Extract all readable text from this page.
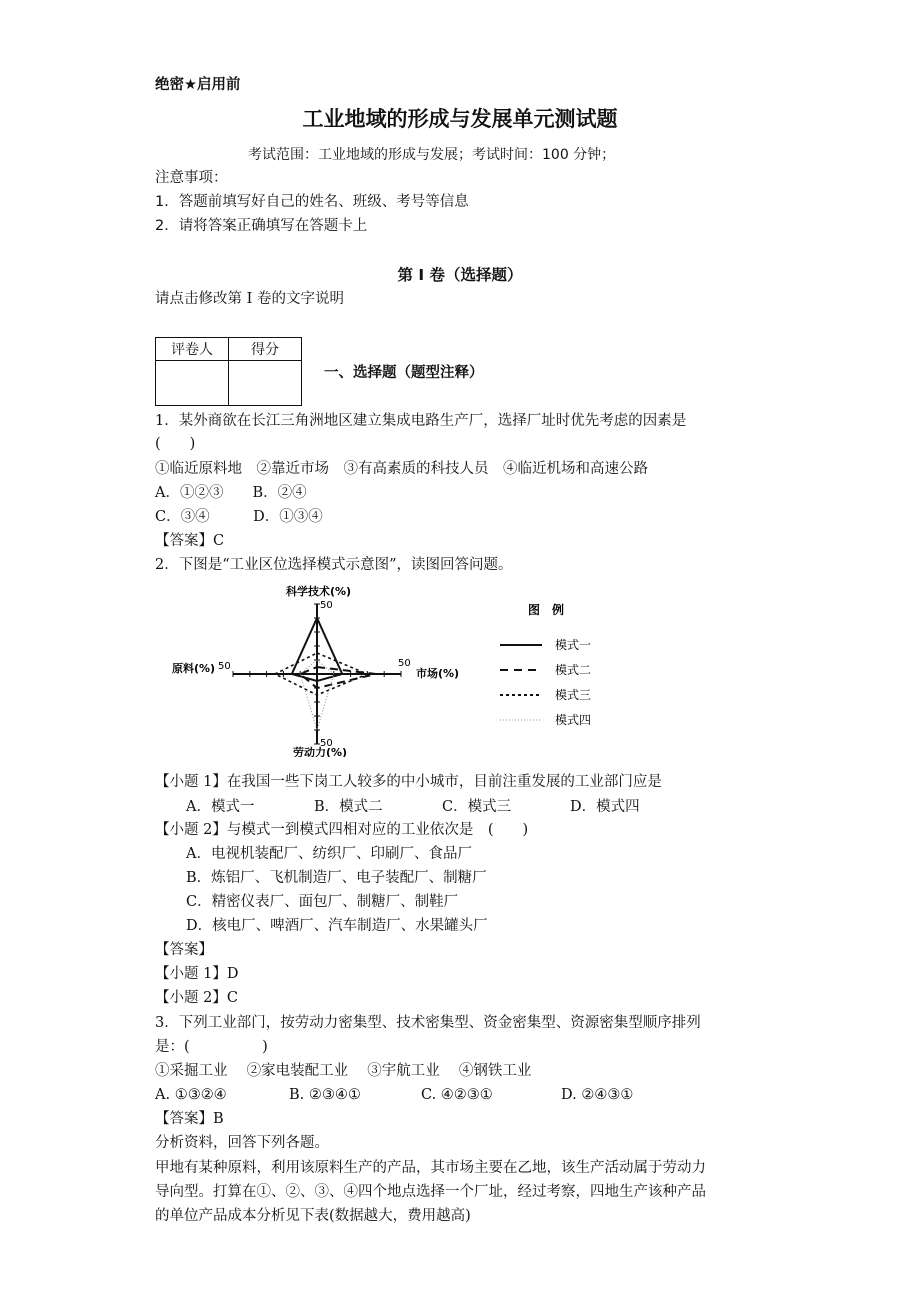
绝密★启用前
工业地域的形成与发展单元测试题
考试范围：工业地域的形成与发展；考试时间：100 分钟；
注意事项：
1．答题前填写好自己的姓名、班级、考号等信息
2．请将答案正确填写在答题卡上
第 I 卷（选择题）
请点击修改第 I 卷的文字说明
评卷人	得分

一、选择题（题型注释）
1．某外商欲在长江三角洲地区建立集成电路生产厂，选择厂址时优先考虑的因素是
(　　)
①临近原料地　②靠近市场　③有高素质的科技人员　④临近机场和高速公路
A．①②③　　B．②④
C．③④　　　D．①③④
【答案】C
2．下图是“工业区位选择模式示意图”，读图回答问题。
科学技术(%)
原料(%)	市场(%)
劳动力(%)
50
50	50
50
图　例
模式一
模式二
模式三
模式四
【小题 1】在我国一些下岗工人较多的中小城市，目前注重发展的工业部门应是
A．模式一	B．模式二	C．模式三	D．模式四
【小题 2】与模式一到模式四相对应的工业依次是　(　　)
A．电视机装配厂、纺织厂、印刷厂、食品厂
B．炼铝厂、飞机制造厂、电子装配厂、制糖厂
C．精密仪表厂、面包厂、制糖厂、制鞋厂
D．核电厂、啤酒厂、汽车制造厂、水果罐头厂
【答案】
【小题 1】D
【小题 2】C
3．下列工业部门，按劳动力密集型、技术密集型、资金密集型、资源密集型顺序排列
是：(　　　　　)
①采掘工业　 ②家电装配工业　 ③宇航工业　 ④钢铁工业
A. ①③②④	B. ②③④①	C. ④②③①	D. ②④③①
【答案】B
分析资料，回答下列各题。
甲地有某种原料，利用该原料生产的产品，其市场主要在乙地，该生产活动属于劳动力
导向型。打算在①、②、③、④四个地点选择一个厂址，经过考察，四地生产该种产品
的单位产品成本分析见下表(数据越大，费用越高)
